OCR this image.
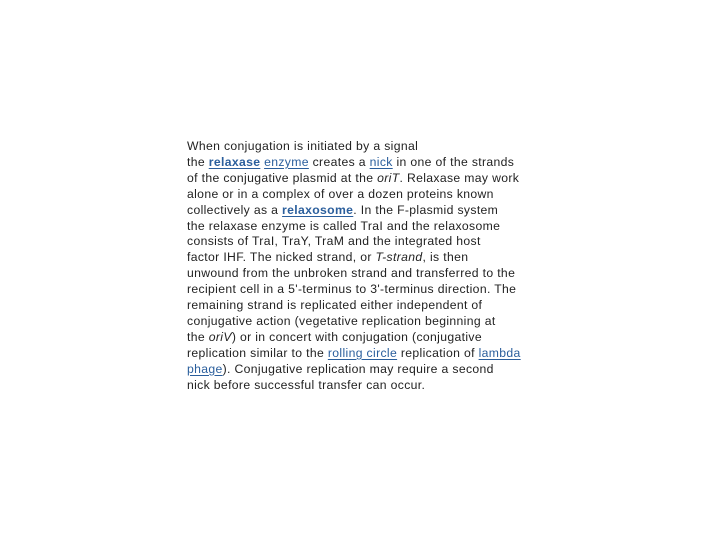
When conjugation is initiated by a signal
the relaxase enzyme creates a nick in one of the strands
of the conjugative plasmid at the oriT. Relaxase may work
alone or in a complex of over a dozen proteins known
collectively as a relaxosome. In the F-plasmid system
the relaxase enzyme is called TraI and the relaxosome
consists of TraI, TraY, TraM and the integrated host
factor IHF. The nicked strand, or T-strand, is then
unwound from the unbroken strand and transferred to the
recipient cell in a 5'-terminus to 3'-terminus direction. The
remaining strand is replicated either independent of
conjugative action (vegetative replication beginning at
the oriV) or in concert with conjugation (conjugative
replication similar to the rolling circle replication of lambda
phage). Conjugative replication may require a second
nick before successful transfer can occur.
